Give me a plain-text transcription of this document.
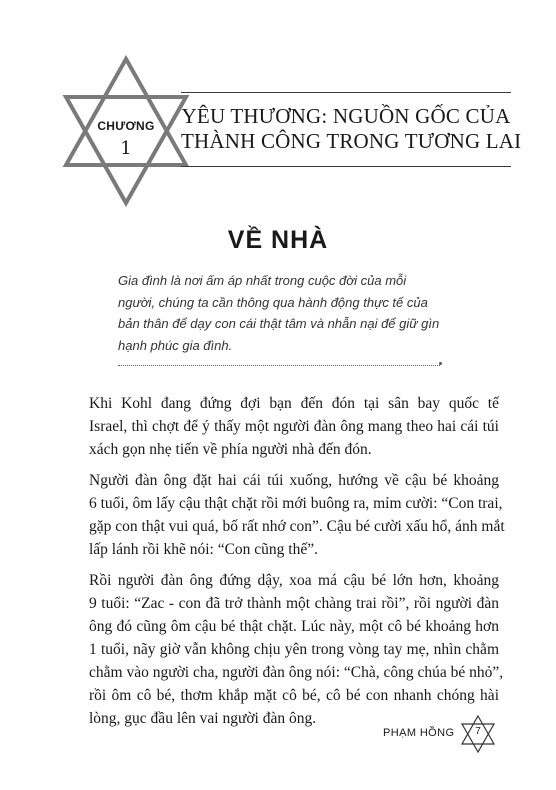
CHƯƠNG
1
YÊU THƯƠNG: NGUỒN GỐC CỦA
THÀNH CÔNG TRONG TƯƠNG LAI
VỀ NHÀ
Gia đình là nơi ấm áp nhất trong cuộc đời của mỗi
người, chúng ta cần thông qua hành động thực tế của
bản thân để dạy con cái thật tâm và nhẫn nại để giữ gìn
hạnh phúc gia đình.
Khi Kohl đang đứng đợi bạn đến đón tại sân bay quốc tế
Israel, thì chợt để ý thấy một người đàn ông mang theo hai cái túi
xách gọn nhẹ tiến về phía người nhà đến đón.
Người đàn ông đặt hai cái túi xuống, hướng về cậu bé khoảng
6 tuổi, ôm lấy cậu thật chặt rồi mới buông ra, mỉm cười: “Con trai,
gặp con thật vui quá, bố rất nhớ con”. Cậu bé cười xấu hổ, ánh mắt
lấp lánh rồi khẽ nói: “Con cũng thế”.
Rồi người đàn ông đứng dậy, xoa má cậu bé lớn hơn, khoảng
9 tuổi: “Zac - con đã trở thành một chàng trai rồi”, rồi người đàn
ông đó cũng ôm cậu bé thật chặt. Lúc này, một cô bé khoảng hơn
1 tuổi, nãy giờ vẫn không chịu yên trong vòng tay mẹ, nhìn chằm
chằm vào người cha, người đàn ông nói: “Chà, công chúa bé nhỏ”,
rồi ôm cô bé, thơm khắp mặt cô bé, cô bé con nhanh chóng hài
lòng, gục đầu lên vai người đàn ông.
PHẠM HỒNG	7
